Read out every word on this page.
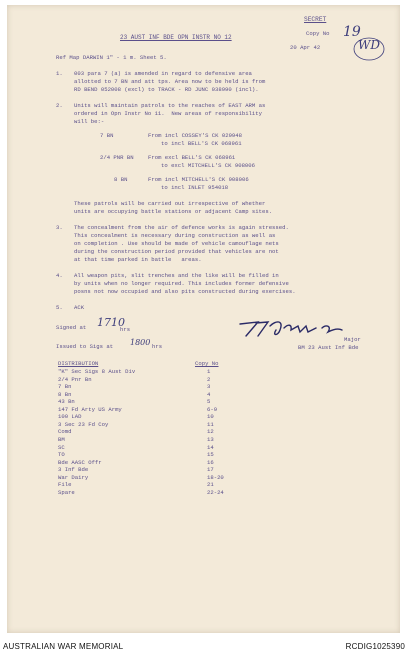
SECRET
Copy No 19
WD
23 AUST INF BDE OPN INSTR NO 12
20 Apr 42
Ref Map DARWIN 1" - 1 m. Sheet 5.
1. 003 para 7 (a) is amended in regard to defensive area
allotted to 7 BN and att tps. Area now to be held is from
RD BEND 052008 (excl) to TRACK - RD JUNC 038990 (incl).
2. Units will maintain patrols to the reaches of EAST ARM as
ordered in Opn Instr No 11.  New areas of responsibility
will be:-
7 BN	From incl COSSEY'S CK 029948
to incl BELL'S CK 068961
2/4 PNR BN	From excl BELL'S CK 068961
to excl MITCHELL'S CK 908006
8 BN	From incl MITCHELL'S CK 908006
to incl INLET 954018
These patrols will be carried out irrespective of whether
units are occupying battle stations or adjacent Camp sites.
3. The concealment from the air of defence works is again stressed.
This concealment is necessary during construction as well as
on completion . Use should be made of vehicle camouflage nets
during the construction period provided that vehicles are not
at that time parked in battle   areas.
4. All weapon pits, slit trenches and the like will be filled in
by units when no longer required. This includes former defensive
posns not now occupied and also pits constructed during exercises.
5. ACK
Signed at 1710
hrs
Issued to Sigs at 1800 hrs
Major
BM 23 Aust Inf Bde
DISTRIBUTION	Copy No
"K" Sec Sigs 8 Aust Div	1
2/4 Pnr Bn	2
7 Bn	3
8 Bn	4
43 Bn	5
147 Fd Arty US Army	6-9
100 LAD	10
3 Sec 23 Fd Coy	11
Comd	12
BM	13
SC	14
TO	15
Bde AASC Offr	16
3 Inf Bde	17
War Dairy	18-20
File	21
Spare	22-24
AUSTRALIAN WAR MEMORIAL	RCDIG1025390
